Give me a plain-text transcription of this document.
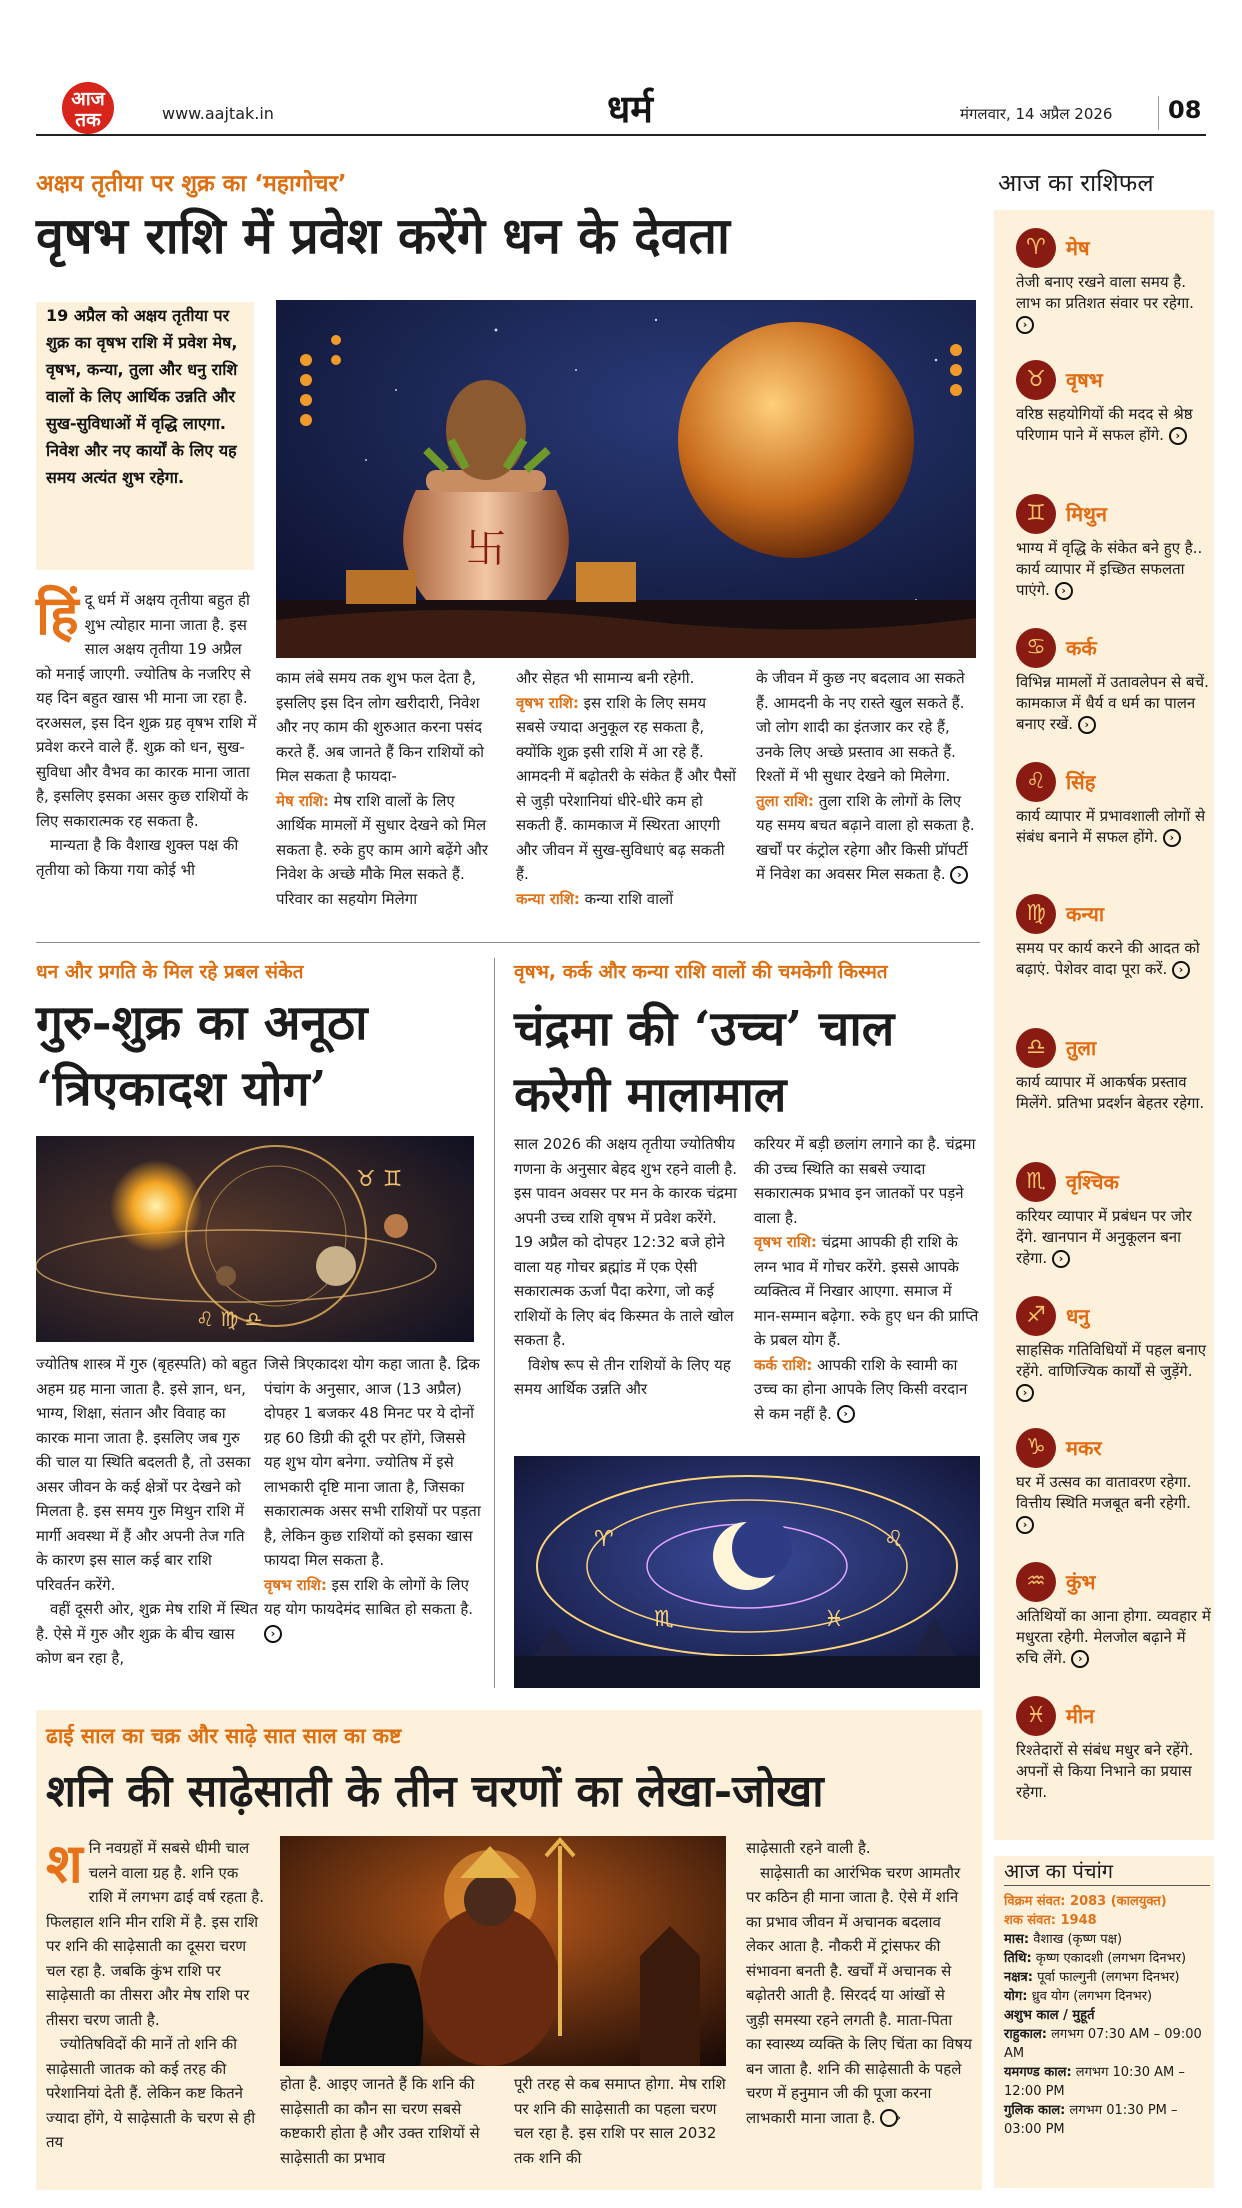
आज
तक	www.aajtak.in	धर्म	मंगलवार, 14 अप्रैल 2026 08
अक्षय तृतीया पर शुक्र का ‘महागोचर’
वृषभ राशि में प्रवेश करेंगे धन के देवता
19 अप्रैल को अक्षय तृतीया पर शुक्र का वृषभ राशि में प्रवेश मेष, वृषभ, कन्या, तुला और धनु राशि वालों के लिए आर्थिक उन्नति और सुख-सुविधाओं में वृद्धि लाएगा. निवेश और नए कार्यों के लिए यह समय अत्यंत शुभ रहेगा.
卐

हिंदू धर्म में अक्षय तृतीया बहुत ही शुभ त्योहार माना जाता है. इस साल अक्षय तृतीया 19 अप्रैल को मनाई जाएगी. ज्योतिष के नजरिए से यह दिन बहुत खास भी माना जा रहा है. दरअसल, इस दिन शुक्र ग्रह वृषभ राशि में प्रवेश करने वाले हैं. शुक्र को धन, सुख-सुविधा और वैभव का कारक माना जाता है, इसलिए इसका असर कुछ राशियों के लिए सकारात्मक रह सकता है.

मान्यता है कि वैशाख शुक्ल पक्ष की तृतीया को किया गया कोई भी

काम लंबे समय तक शुभ फल देता है, इसलिए इस दिन लोग खरीदारी, निवेश और नए काम की शुरुआत करना पसंद करते हैं. अब जानते हैं किन राशियों को मिल सकता है फायदा-

मेष राशि: मेष राशि वालों के लिए आर्थिक मामलों में सुधार देखने को मिल सकता है. रुके हुए काम आगे बढ़ेंगे और निवेश के अच्छे मौके मिल सकते हैं. परिवार का सहयोग मिलेगा

और सेहत भी सामान्य बनी रहेगी.

वृषभ राशि: इस राशि के लिए समय सबसे ज्यादा अनुकूल रह सकता है, क्योंकि शुक्र इसी राशि में आ रहे हैं. आमदनी में बढ़ोतरी के संकेत हैं और पैसों से जुड़ी परेशानियां धीरे-धीरे कम हो सकती हैं. कामकाज में स्थिरता आएगी और जीवन में सुख-सुविधाएं बढ़ सकती हैं.

कन्या राशि: कन्या राशि वालों

के जीवन में कुछ नए बदलाव आ सकते हैं. आमदनी के नए रास्ते खुल सकते हैं. जो लोग शादी का इंतजार कर रहे हैं, उनके लिए अच्छे प्रस्ताव आ सकते हैं. रिश्तों में भी सुधार देखने को मिलेगा.

तुला राशि: तुला राशि के लोगों के लिए यह समय बचत बढ़ाने वाला हो सकता है. खर्चों पर कंट्रोल रहेगा और किसी प्रॉपर्टी में निवेश का अवसर मिल सकता है. ›

धन और प्रगति के मिल रहे प्रबल संकेत
गुरु-शुक्र का अनूठा
‘त्रिएकादश योग’
♉ ♊
♌ ♍ ♎

ज्योतिष शास्त्र में गुरु (बृहस्पति) को बहुत अहम ग्रह माना जाता है. इसे ज्ञान, धन, भाग्य, शिक्षा, संतान और विवाह का कारक माना जाता है. इसलिए जब गुरु की चाल या स्थिति बदलती है, तो उसका असर जीवन के कई क्षेत्रों पर देखने को मिलता है. इस समय गुरु मिथुन राशि में मार्गी अवस्था में हैं और अपनी तेज गति के कारण इस साल कई बार राशि परिवर्तन करेंगे.

वहीं दूसरी ओर, शुक्र मेष राशि में स्थित है. ऐसे में गुरु और शुक्र के बीच खास कोण बन रहा है,

जिसे त्रिएकादश योग कहा जाता है. द्रिक पंचांग के अनुसार, आज (13 अप्रैल) दोपहर 1 बजकर 48 मिनट पर ये दोनों ग्रह 60 डिग्री की दूरी पर होंगे, जिससे यह शुभ योग बनेगा. ज्योतिष में इसे लाभकारी दृष्टि माना जाता है, जिसका सकारात्मक असर सभी राशियों पर पड़ता है, लेकिन कुछ राशियों को इसका खास फायदा मिल सकता है.

वृषभ राशि: इस राशि के लोगों के लिए यह योग फायदेमंद साबित हो सकता है. ›

वृषभ, कर्क और कन्या राशि वालों की चमकेगी किस्मत
चंद्रमा की ‘उच्च’ चाल
करेगी मालामाल

साल 2026 की अक्षय तृतीया ज्योतिषीय गणना के अनुसार बेहद शुभ रहने वाली है. इस पावन अवसर पर मन के कारक चंद्रमा अपनी उच्च राशि वृषभ में प्रवेश करेंगे. 19 अप्रैल को दोपहर 12:32 बजे होने वाला यह गोचर ब्रह्मांड में एक ऐसी सकारात्मक ऊर्जा पैदा करेगा, जो कई राशियों के लिए बंद किस्मत के ताले खोल सकता है.

विशेष रूप से तीन राशियों के लिए यह समय आर्थिक उन्नति और

करियर में बड़ी छलांग लगाने का है. चंद्रमा की उच्च स्थिति का सबसे ज्यादा सकारात्मक प्रभाव इन जातकों पर पड़ने वाला है.

वृषभ राशि: चंद्रमा आपकी ही राशि के लग्न भाव में गोचर करेंगे. इससे आपके व्यक्तित्व में निखार आएगा. समाज में मान-सम्मान बढ़ेगा. रुके हुए धन की प्राप्ति के प्रबल योग हैं.

कर्क राशि: आपकी राशि के स्वामी का उच्च का होना आपके लिए किसी वरदान से कम नहीं है. ›

♈	♌
♏	♓
आज का राशिफल
♈	मेष
तेजी बनाए रखने वाला समय है. लाभ का प्रतिशत संवार पर रहेगा. ›
♉	वृषभ
वरिष्ठ सहयोगियों की मदद से श्रेष्ठ परिणाम पाने में सफल होंगे. ›
♊	मिथुन
भाग्य में वृद्धि के संकेत बने हुए है.. कार्य व्यापार में इच्छित सफलता पाएंगे. ›
♋	कर्क
विभिन्न मामलों में उतावलेपन से बचें. कामकाज में धैर्य व धर्म का पालन बनाए रखें. ›
♌	सिंह
कार्य व्यापार में प्रभावशाली लोगों से संबंध बनाने में सफल होंगे. ›
♍	कन्या
समय पर कार्य करने की आदत को बढ़ाएं. पेशेवर वादा पूरा करें. ›
♎	तुला
कार्य व्यापार में आकर्षक प्रस्ताव मिलेंगे. प्रतिभा प्रदर्शन बेहतर रहेगा.
♏	वृश्चिक
करियर व्यापार में प्रबंधन पर जोर देंगे. खानपान में अनुकूलन बना रहेगा. ›
♐	धनु
साहसिक गतिविधियों में पहल बनाए रहेंगे. वाणिज्यिक कार्यों से जुड़ेंगे. ›
♑	मकर
घर में उत्सव का वातावरण रहेगा. वित्तीय स्थिति मजबूत बनी रहेगी. ›
♒	कुंभ
अतिथियों का आना होगा. व्यवहार में मधुरता रहेगी. मेलजोल बढ़ाने में रुचि लेंगे. ›
♓	मीन
रिश्तेदारों से संबंध मधुर बने रहेंगे. अपनों से किया निभाने का प्रयास रहेगा.
आज का पंचांग
विक्रम संवत: 2083 (कालयुक्त)
शक संवत: 1948
मास: वैशाख (कृष्ण पक्ष)
तिथि: कृष्ण एकादशी (लगभग दिनभर)
नक्षत्र: पूर्वा फाल्गुनी (लगभग दिनभर)
योग: ध्रुव योग (लगभग दिनभर)
अशुभ काल / मुहूर्त
राहुकाल: लगभग 07:30 AM – 09:00 AM
यमगण्ड काल: लगभग 10:30 AM – 12:00 PM
गुलिक काल: लगभग 01:30 PM – 03:00 PM
ढाई साल का चक्र और साढ़े सात साल का कष्ट
शनि की साढ़ेसाती के तीन चरणों का लेखा-जोखा

शनि नवग्रहों में सबसे धीमी चाल चलने वाला ग्रह है. शनि एक राशि में लगभग ढाई वर्ष रहता है. फिलहाल शनि मीन राशि में है. इस राशि पर शनि की साढ़ेसाती का दूसरा चरण चल रहा है. जबकि कुंभ राशि पर साढ़ेसाती का तीसरा और मेष राशि पर तीसरा चरण जाती है.

ज्योतिषविदों की मानें तो शनि की साढ़ेसाती जातक को कई तरह की परेशानियां देती हैं. लेकिन कष्ट कितने ज्यादा होंगे, ये साढ़ेसाती के चरण से ही तय

होता है. आइए जानते हैं कि शनि की साढ़ेसाती का कौन सा चरण सबसे कष्टकारी होता है और उक्त राशियों से साढ़ेसाती का प्रभाव
पूरी तरह से कब समाप्त होगा. मेष राशि पर शनि की साढ़ेसाती का पहला चरण चल रहा है. इस राशि पर साल 2032 तक शनि की

साढ़ेसाती रहने वाली है.

साढ़ेसाती का आरंभिक चरण आमतौर पर कठिन ही माना जाता है. ऐसे में शनि का प्रभाव जीवन में अचानक बदलाव लेकर आता है. नौकरी में ट्रांसफर की संभावना बनती है. खर्चों में अचानक से बढ़ोतरी आती है. सिरदर्द या आंखों से जुड़ी समस्या रहने लगती है. माता-पिता का स्वास्थ्य व्यक्ति के लिए चिंता का विषय बन जाता है. शनि की साढ़ेसाती के पहले चरण में हनुमान जी की पूजा करना लाभकारी माना जाता है. ›
